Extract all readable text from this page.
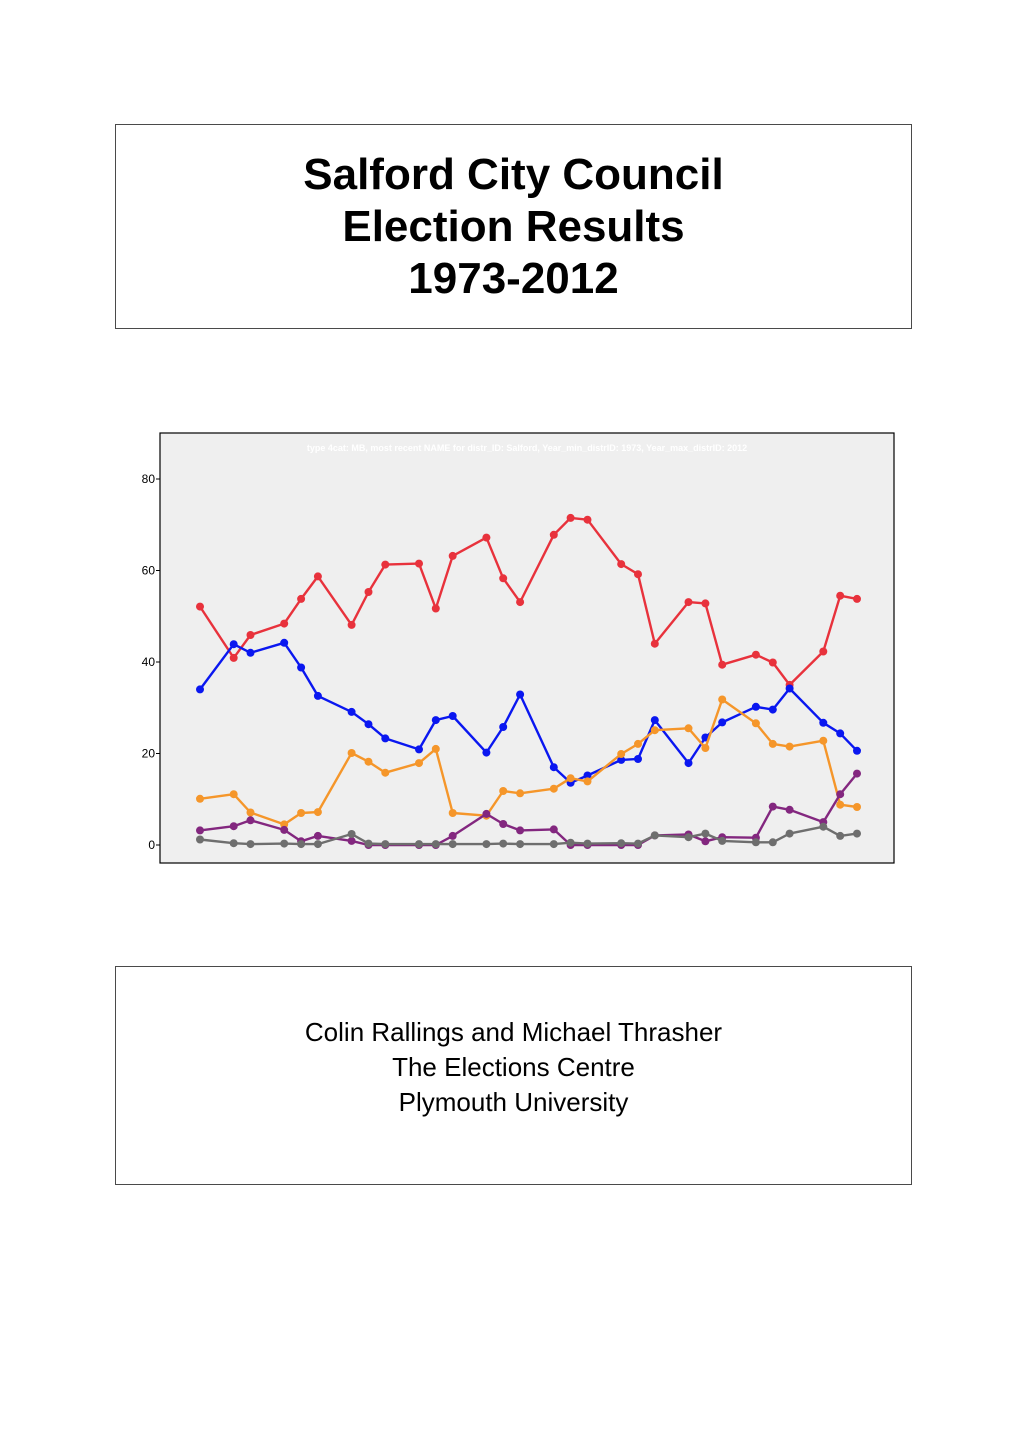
Salford City Council
Election Results
1973-2012
type 4cat: MB, most recent NAME for distr_ID: Salford, Year_min_distrID: 1973, Year_max_distrID: 2012
0
20
40
60
80
Colin Rallings and Michael Thrasher
The Elections Centre
Plymouth University
